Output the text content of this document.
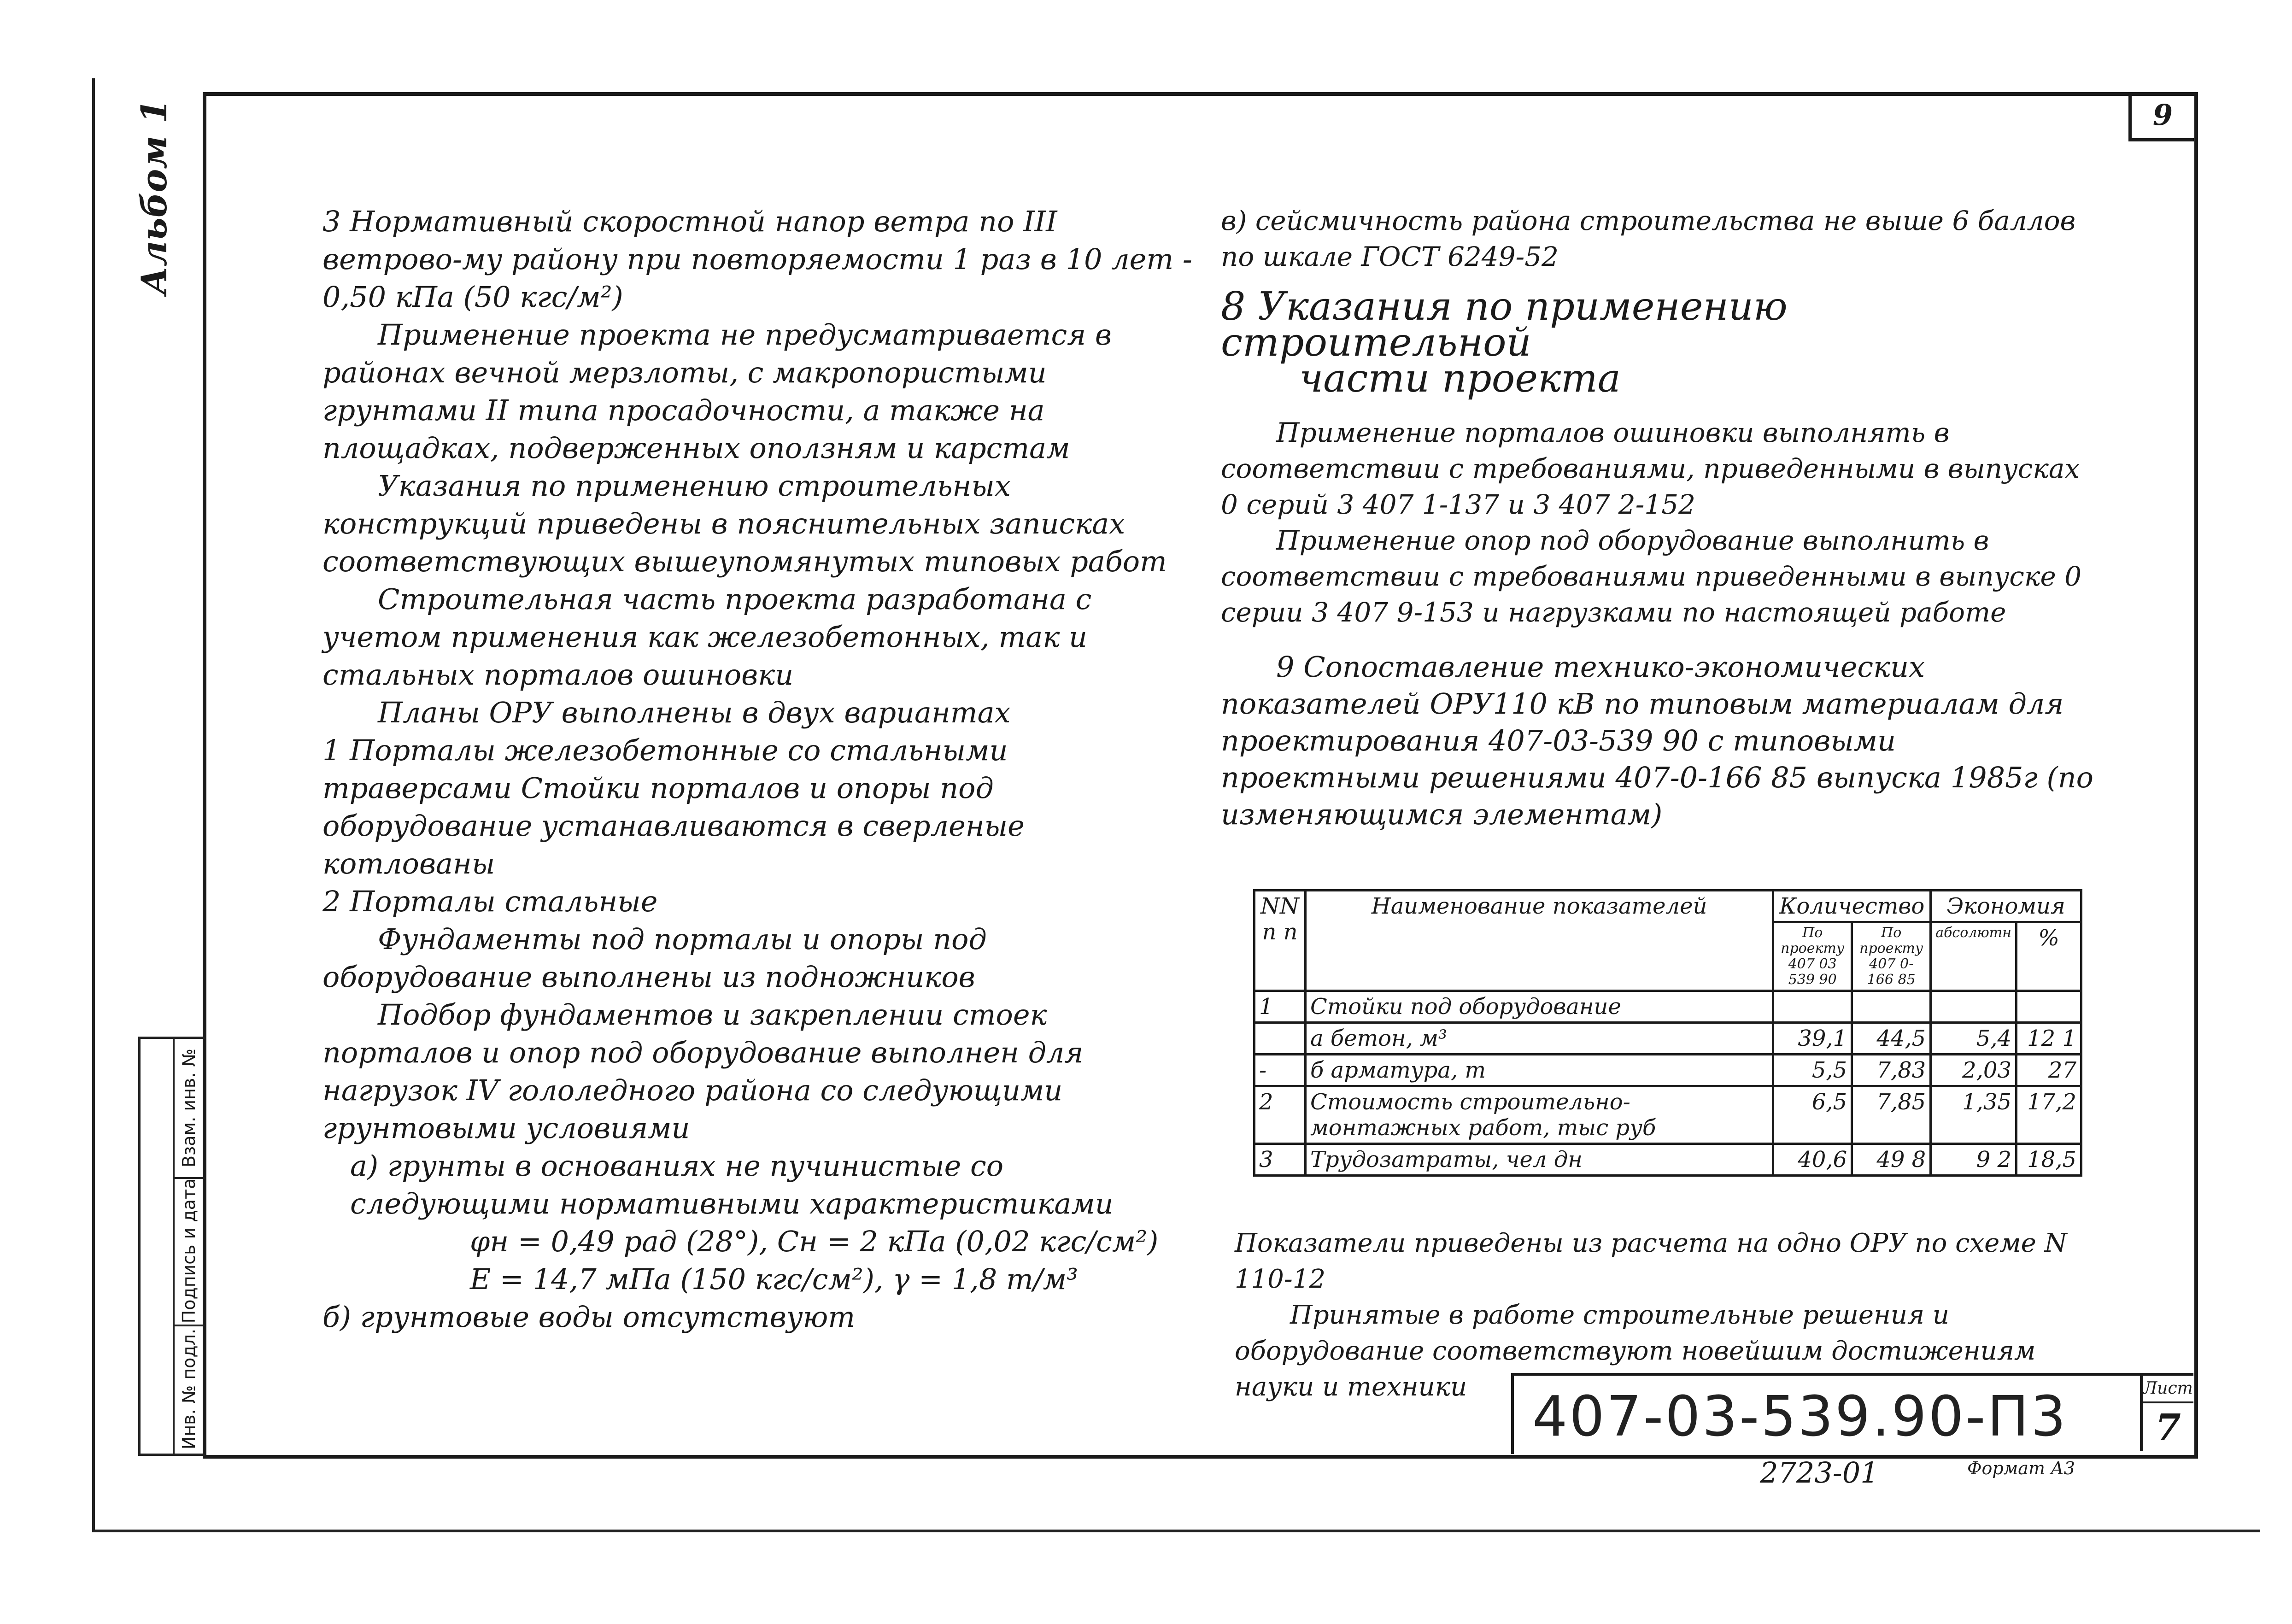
Альбом 1	9
Взам. инв. №
Подпись и дата
Инв. № подл.

3 Нормативный скоростной напор ветра по III ветрово-му району при повторяемости 1 раз в 10 лет - 0,50 кПа (50 кгс/м²)

Применение проекта не предусматривается в районах вечной мерзлоты, с макропористыми грунтами II типа просадочности, а также на площадках, подверженных оползням и карстам

Указания по применению строительных конструкций приведены в пояснительных записках соответствующих вышеупомянутых типовых работ

Строительная часть проекта разработана с учетом применения как железобетонных, так и стальных порталов ошиновки

Планы ОРУ выполнены в двух вариантах

1 Порталы железобетонные со стальными траверсами Стойки порталов и опоры под оборудование устанавливаются в сверленые котлованы

2 Порталы стальные

Фундаменты под порталы и опоры под оборудование выполнены из подножников

Подбор фундаментов и закреплении стоек порталов и опор под оборудование выполнен для нагрузок IV гололедного района со следующими грунтовыми условиями

а) грунты в основаниях не пучинистые со следующими нормативными характеристиками

φн = 0,49 рад (28°), Сн = 2 кПа (0,02 кгс/см²)

Е = 14,7 мПа (150 кгс/см²), γ = 1,8 т/м³

б) грунтовые воды отсутствуют

в) сейсмичность района строительства не выше 6 баллов по шкале ГОСТ 6249-52

8 Указания по применению строительной

части проекта

Применение порталов ошиновки выполнять в соответствии с требованиями, приведенными в выпусках 0 серий 3 407 1-137 и 3 407 2-152

Применение опор под оборудование выполнить в соответствии с требованиями приведенными в выпуске 0 серии 3 407 9-153 и нагрузками по настоящей работе

9 Сопоставление технико-экономических показателей ОРУ110 кВ по типовым материалам для проектирования 407-03-539 90 с типовыми проектными решениями 407-0-166 85 выпуска 1985г (по изменяющимся элементам)

NN п п	Наименование показателей	Количество		Экономия	
		По проекту 407 03 539 90	По проекту 407 0-166 85	абсолютн	%
1	Стойки под оборудование				
	а бетон, м³	39,1	44,5	5,4	12 1
-	б арматура, т	5,5	7,83	2,03	27
2	Стоимость строительно-монтажных работ, тыс руб	6,5	7,85	1,35	17,2
3	Трудозатраты, чел дн	40,6	49 8	9 2	18,5

Показатели приведены из расчета на одно ОРУ по схеме N 110-12

Принятые в работе строительные решения и оборудование соответствуют новейшим достижениям науки и техники	407-03-539.90-П3	Лист
7
2723-01	Формат А3
